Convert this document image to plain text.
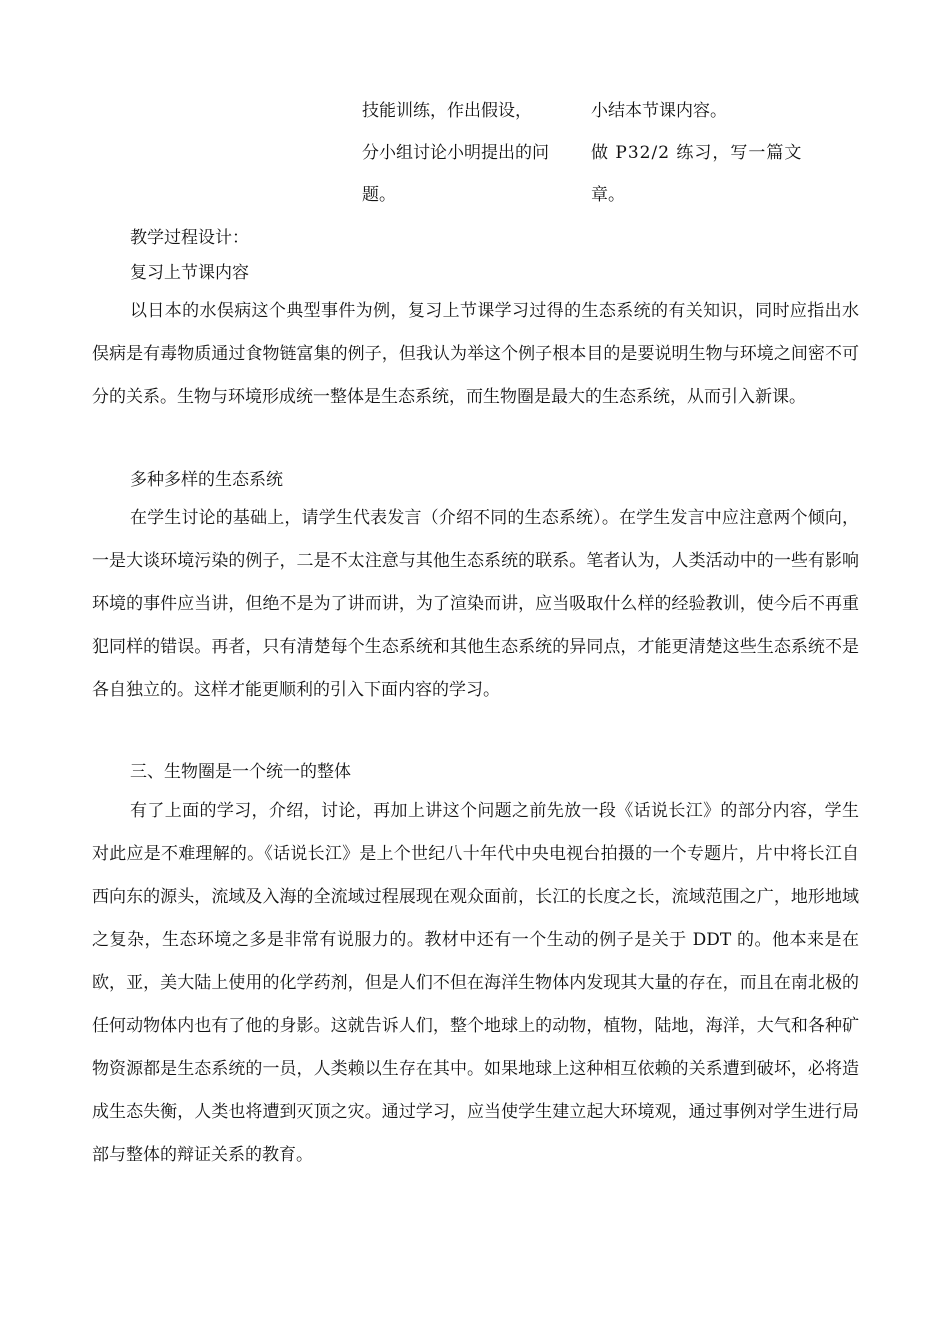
技能训练，作出假设，
分小组讨论小明提出的问
题。
小结本节课内容。
做 P32/2 练习，写一篇文
章。
教学过程设计：
复习上节课内容

以日本的水俣病这个典型事件为例，复习上节课学习过得的生态系统的有关知识，同时应指出水俣病是有毒物质通过食物链富集的例子，但我认为举这个例子根本目的是要说明生物与环境之间密不可分的关系。生物与环境形成统一整体是生态系统，而生物圈是最大的生态系统，从而引入新课。

多种多样的生态系统

在学生讨论的基础上，请学生代表发言（介绍不同的生态系统）。在学生发言中应注意两个倾向，一是大谈环境污染的例子，二是不太注意与其他生态系统的联系。笔者认为，人类活动中的一些有影响环境的事件应当讲，但绝不是为了讲而讲，为了渲染而讲，应当吸取什么样的经验教训，使今后不再重犯同样的错误。再者，只有清楚每个生态系统和其他生态系统的异同点，才能更清楚这些生态系统不是各自独立的。这样才能更顺利的引入下面内容的学习。

三、生物圈是一个统一的整体

有了上面的学习，介绍，讨论，再加上讲这个问题之前先放一段《话说长江》的部分内容，学生对此应是不难理解的。《话说长江》是上个世纪八十年代中央电视台拍摄的一个专题片，片中将长江自西向东的源头，流域及入海的全流域过程展现在观众面前，长江的长度之长，流域范围之广，地形地域之复杂，生态环境之多是非常有说服力的。教材中还有一个生动的例子是关于 DDT 的。他本来是在欧，亚，美大陆上使用的化学药剂，但是人们不但在海洋生物体内发现其大量的存在，而且在南北极的任何动物体内也有了他的身影。这就告诉人们，整个地球上的动物，植物，陆地，海洋，大气和各种矿物资源都是生态系统的一员，人类赖以生存在其中。如果地球上这种相互依赖的关系遭到破坏，必将造成生态失衡，人类也将遭到灭顶之灾。通过学习，应当使学生建立起大环境观，通过事例对学生进行局部与整体的辩证关系的教育。
